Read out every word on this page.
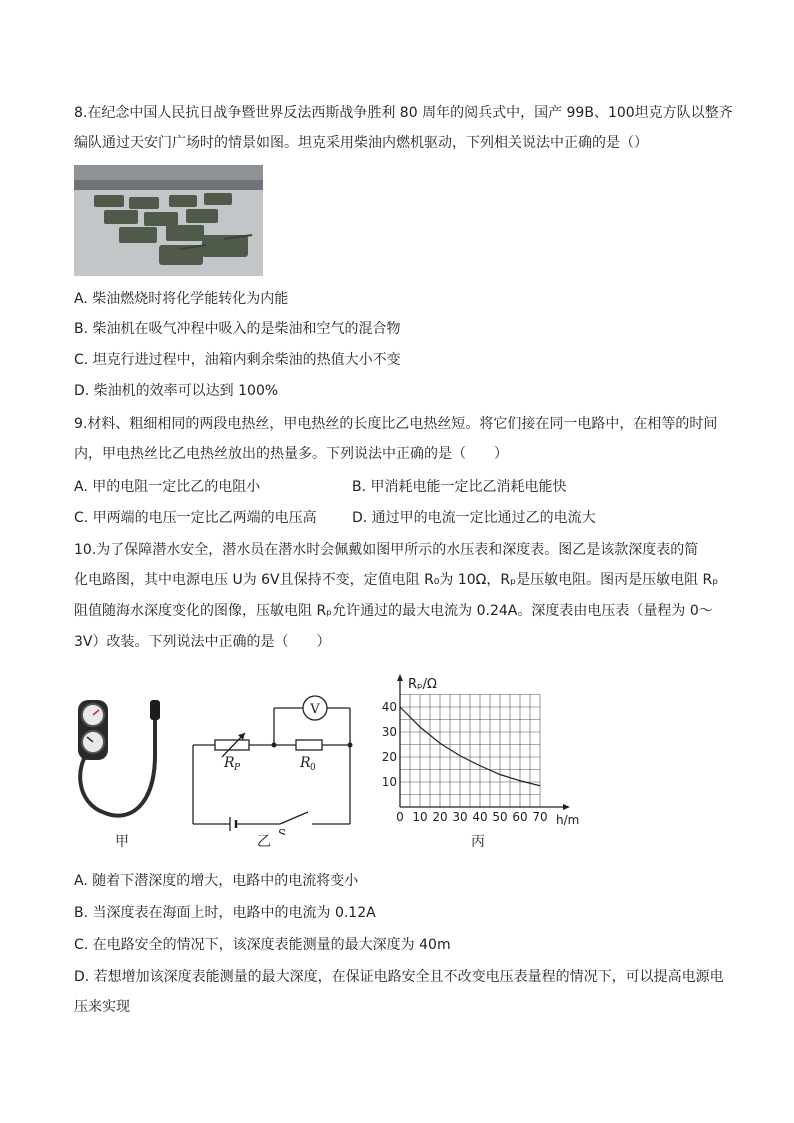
8.在纪念中国人民抗日战争暨世界反法西斯战争胜利 80 周年的阅兵式中，国产 99B、100坦克方队以整齐
编队通过天安门广场时的情景如图。坦克采用柴油内燃机驱动，下列相关说法中正确的是（）
A. 柴油燃烧时将化学能转化为内能
B. 柴油机在吸气冲程中吸入的是柴油和空气的混合物
C. 坦克行进过程中，油箱内剩余柴油的热值大小不变
D. 柴油机的效率可以达到 100%
9.材料、粗细相同的两段电热丝，甲电热丝的长度比乙电热丝短。将它们接在同一电路中，在相等的时间
内，甲电热丝比乙电热丝放出的热量多。下列说法中正确的是（　　）
A. 甲的电阻一定比乙的电阻小	B. 甲消耗电能一定比乙消耗电能快
C. 甲两端的电压一定比乙两端的电压高	D. 通过甲的电流一定比通过乙的电流大
10.为了保障潜水安全，潜水员在潜水时会佩戴如图甲所示的水压表和深度表。图乙是该款深度表的简
化电路图，其中电源电压 U为 6V且保持不变，定值电阻 R₀为 10Ω，Rₚ是压敏电阻。图丙是压敏电阻 Rₚ
阻值随海水深度变化的图像，压敏电阻 Rₚ允许通过的最大电流为 0.24A。深度表由电压表（量程为 0～
3V）改装。下列说法中正确的是（　　）
甲
V
R P	R 0
S
乙
Rₚ/Ω
h/m
0 10 20 30 40 50 60 70
10
20
30
40
丙
A. 随着下潜深度的增大，电路中的电流将变小
B. 当深度表在海面上时，电路中的电流为 0.12A
C. 在电路安全的情况下，该深度表能测量的最大深度为 40m
D. 若想增加该深度表能测量的最大深度，在保证电路安全且不改变电压表量程的情况下，可以提高电源电
压来实现
